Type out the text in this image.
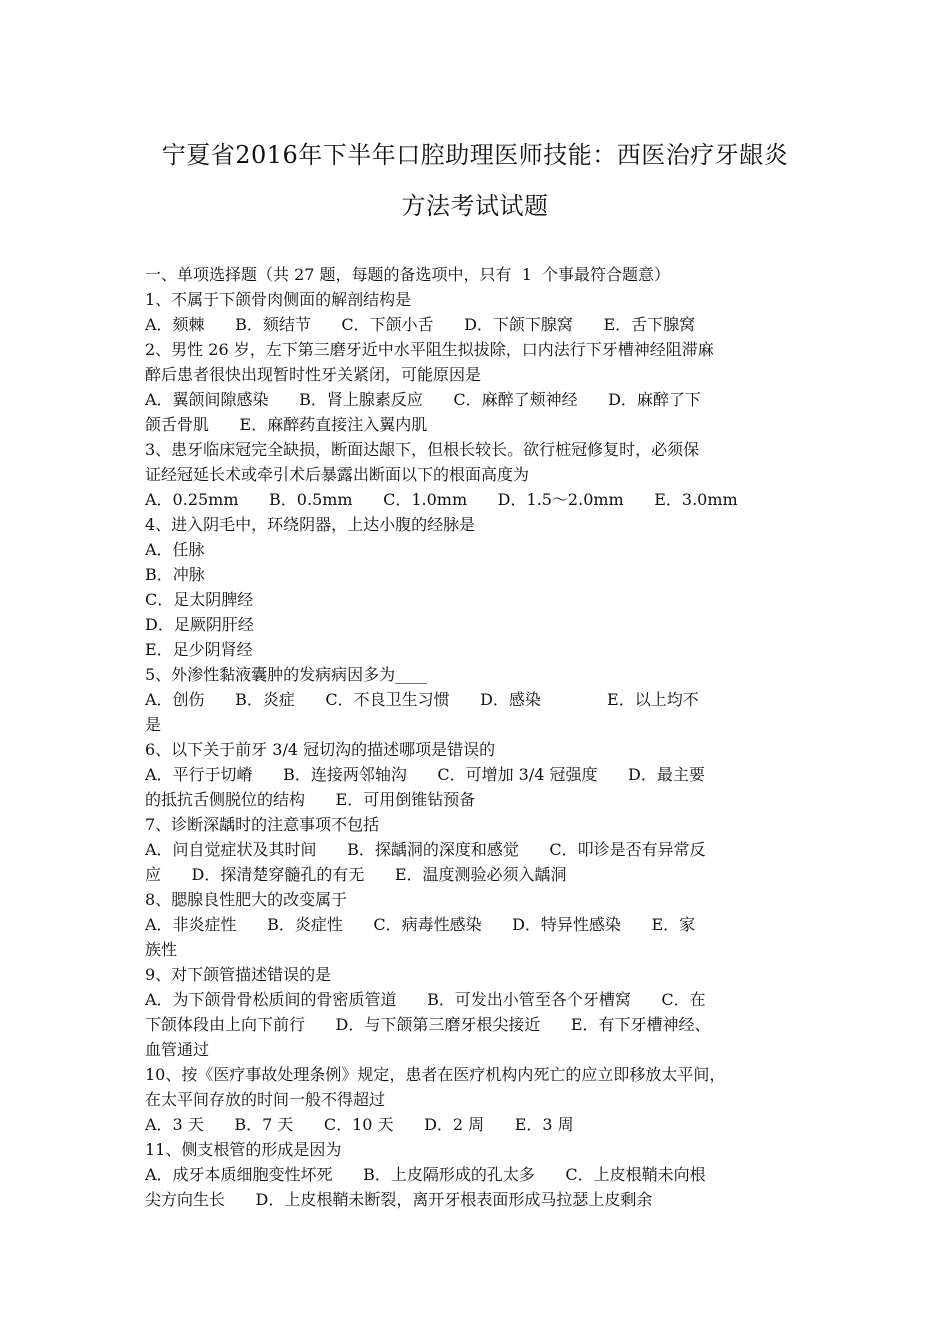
宁夏省2016年下半年口腔助理医师技能：西医治疗牙龈炎
方法考试试题
一、单项选择题（共 27 题，每题的备选项中，只有  1  个事最符合题意）
1、不属于下颌骨肉侧面的解剖结构是
A．颏棘      B．颏结节      C．下颌小舌      D．下颌下腺窝      E．舌下腺窝
2、男性 26 岁，左下第三磨牙近中水平阻生拟拔除，口内法行下牙槽神经阻滞麻
醉后患者很快出现暂时性牙关紧闭，可能原因是
A．翼颌间隙感染      B．肾上腺素反应      C．麻醉了颊神经      D．麻醉了下
颌舌骨肌      E．麻醉药直接注入翼内肌
3、患牙临床冠完全缺损，断面达龈下，但根长较长。欲行桩冠修复时，必须保
证经冠延长术或牵引术后暴露出断面以下的根面高度为
A．0.25mm      B．0.5mm      C．1.0mm      D．1.5～2.0mm      E．3.0mm
4、进入阴毛中，环绕阴器，上达小腹的经脉是
A．任脉
B．冲脉
C．足太阴脾经
D．足厥阴肝经
E．足少阴肾经
5、外渗性黏液囊肿的发病病因多为____
A．创伤      B．炎症      C．不良卫生习惯      D．感染             E．以上均不
是
6、以下关于前牙 3/4 冠切沟的描述哪项是错误的
A．平行于切嵴      B．连接两邻轴沟      C．可增加 3/4 冠强度      D．最主要
的抵抗舌侧脱位的结构      E．可用倒锥钻预备
7、诊断深龋时的注意事项不包括
A．问自觉症状及其时间      B．探龋洞的深度和感觉      C．叩诊是否有异常反
应      D．探清楚穿髓孔的有无      E．温度测验必须入龋洞
8、腮腺良性肥大的改变属于
A．非炎症性      B．炎症性      C．病毒性感染      D．特异性感染      E．家
族性
9、对下颌管描述错误的是
A．为下颌骨骨松质间的骨密质管道      B．可发出小管至各个牙槽窝      C．在
下颌体段由上向下前行      D．与下颌第三磨牙根尖接近      E．有下牙槽神经、
血管通过
10、按《医疗事故处理条例》规定，患者在医疗机构内死亡的应立即移放太平间，
在太平间存放的时间一般不得超过
A．3 天      B．7 天      C．10 天      D．2 周      E．3 周
11、侧支根管的形成是因为
A．成牙本质细胞变性坏死      B．上皮隔形成的孔太多      C．上皮根鞘未向根
尖方向生长      D．上皮根鞘未断裂，离开牙根表面形成马拉瑟上皮剩余
